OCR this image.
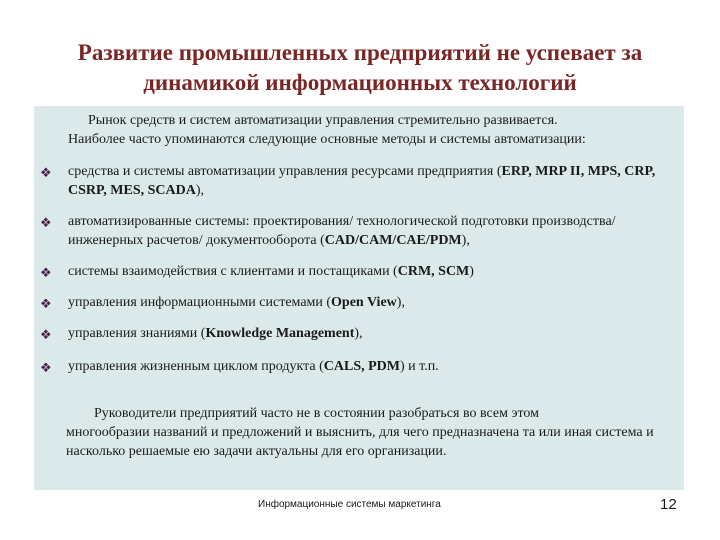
Развитие промышленных предприятий не успевает за
динамикой информационных технологий
Рынок средств и систем автоматизации управления стремительно развивается.
Наиболее часто упоминаются следующие основные методы и системы автоматизации:
❖ средства и системы автоматизации управления ресурсами предприятия (ERP, MRP II, MPS, CRP, CSRP, MES, SCADA),
❖ автоматизированные системы: проектирования/ технологической подготовки производства/ инженерных расчетов/ документооборота (CAD/CAM/CAE/PDM),
❖ системы взаимодействия с клиентами и постащиками (CRM, SCM)
❖ управления информационными системами (Open View),
❖ управления знаниями (Knowledge Management),
❖ управления жизненным циклом продукта (CALS, PDM) и т.п.
Руководители предприятий часто не в состоянии разобраться во всем этом
многообразии названий и предложений и выяснить, для чего предназначена та или иная система и насколько решаемые ею задачи актуальны для его организации.
Информационные системы маркетинга	12
